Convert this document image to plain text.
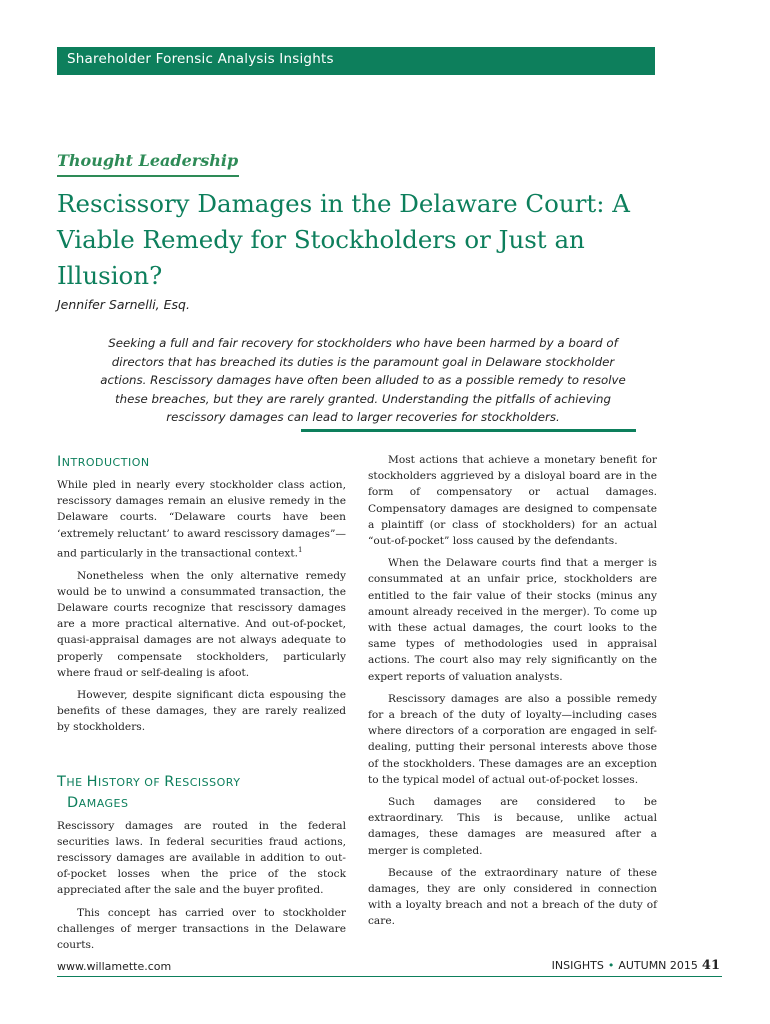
Shareholder Forensic Analysis Insights
Thought Leadership
Rescissory Damages in the Delaware Court: A Viable Remedy for Stockholders or Just an Illusion?
Jennifer Sarnelli, Esq.

Seeking a full and fair recovery for stockholders who have been harmed by a board of directors that has breached its duties is the paramount goal in Delaware stockholder actions. Rescissory damages have often been alluded to as a possible remedy to resolve these breaches, but they are rarely granted. Understanding the pitfalls of achieving rescissory damages can lead to larger recoveries for stockholders.

INTRODUCTION

While pled in nearly every stockholder class action, rescissory damages remain an elusive remedy in the Delaware courts. “Delaware courts have been ‘extremely reluctant’ to award rescissory damages”—and particularly in the transactional context.$^1$

Nonetheless when the only alternative remedy would be to unwind a consummated transaction, the Delaware courts recognize that rescissory damages are a more practical alternative. And out-of-pocket, quasi-appraisal damages are not always adequate to properly compensate stockholders, particularly where fraud or self-dealing is afoot.

However, despite significant dicta espousing the benefits of these damages, they are rarely realized by stockholders.

THE HISTORY OF RESCISSORY
DAMAGES

Rescissory damages are routed in the federal securities laws. In federal securities fraud actions, rescissory damages are available in addition to out-of-pocket losses when the price of the stock appreciated after the sale and the buyer profited.

This concept has carried over to stockholder challenges of merger transactions in the Delaware courts.

Most actions that achieve a monetary benefit for stockholders aggrieved by a disloyal board are in the form of compensatory or actual damages. Compensatory damages are designed to compensate a plaintiff (or class of stockholders) for an actual “out-of-pocket” loss caused by the defendants.

When the Delaware courts find that a merger is consummated at an unfair price, stockholders are entitled to the fair value of their stocks (minus any amount already received in the merger). To come up with these actual damages, the court looks to the same types of methodologies used in appraisal actions. The court also may rely significantly on the expert reports of valuation analysts.

Rescissory damages are also a possible remedy for a breach of the duty of loyalty—including cases where directors of a corporation are engaged in self-dealing, putting their personal interests above those of the stockholders. These damages are an exception to the typical model of actual out-of-pocket losses.

Such damages are considered to be extraordinary. This is because, unlike actual damages, these damages are measured after a merger is completed.

Because of the extraordinary nature of these damages, they are only considered in connection with a loyalty breach and not a breach of the duty of care.

www.willamette.com	INSIGHTS • AUTUMN 2015 41
